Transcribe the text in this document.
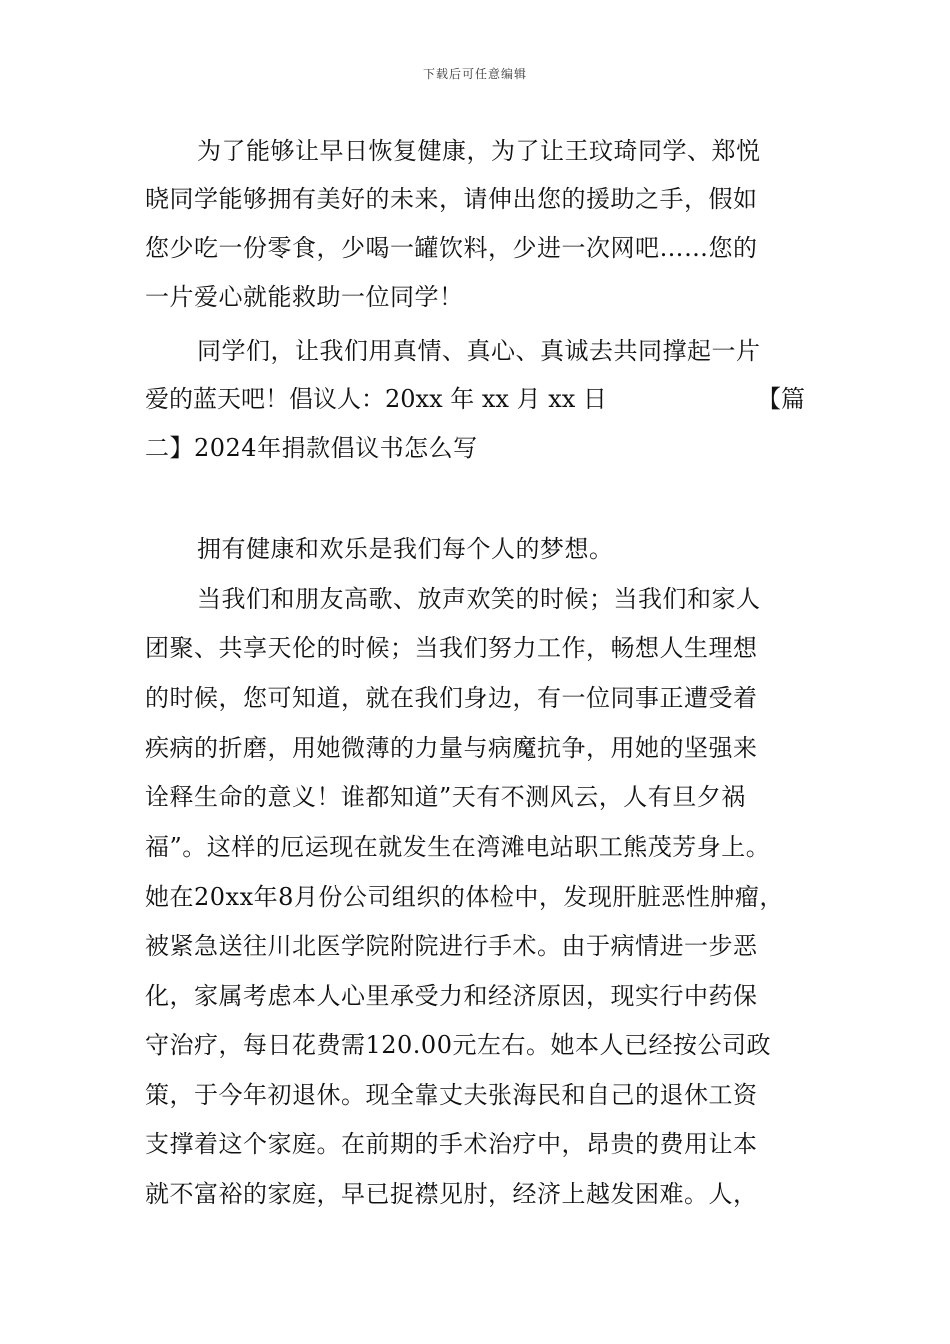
下载后可任意编辑
为了能够让早日恢复健康，为了让王玟琦同学、郑悦
晓同学能够拥有美好的未来，请伸出您的援助之手，假如
您少吃一份零食，少喝一罐饮料，少进一次网吧……您的
一片爱心就能救助一位同学！
同学们，让我们用真情、真心、真诚去共同撑起一片
爱的蓝天吧！倡议人：20xx 年 xx 月 xx 日	【篇
二】2024年捐款倡议书怎么写
拥有健康和欢乐是我们每个人的梦想。
当我们和朋友高歌、放声欢笑的时候；当我们和家人
团聚、共享天伦的时候；当我们努力工作，畅想人生理想
的时候，您可知道，就在我们身边，有一位同事正遭受着
疾病的折磨，用她微薄的力量与病魔抗争，用她的坚强来
诠释生命的意义！谁都知道”天有不测风云，人有旦夕祸
福”。这样的厄运现在就发生在湾滩电站职工熊茂芳身上。
她在20xx年8月份公司组织的体检中，发现肝脏恶性肿瘤，
被紧急送往川北医学院附院进行手术。由于病情进一步恶
化，家属考虑本人心里承受力和经济原因，现实行中药保
守治疗，每日花费需120.00元左右。她本人已经按公司政
策，于今年初退休。现全靠丈夫张海民和自己的退休工资
支撑着这个家庭。在前期的手术治疗中，昂贵的费用让本
就不富裕的家庭，早已捉襟见肘，经济上越发困难。人，
